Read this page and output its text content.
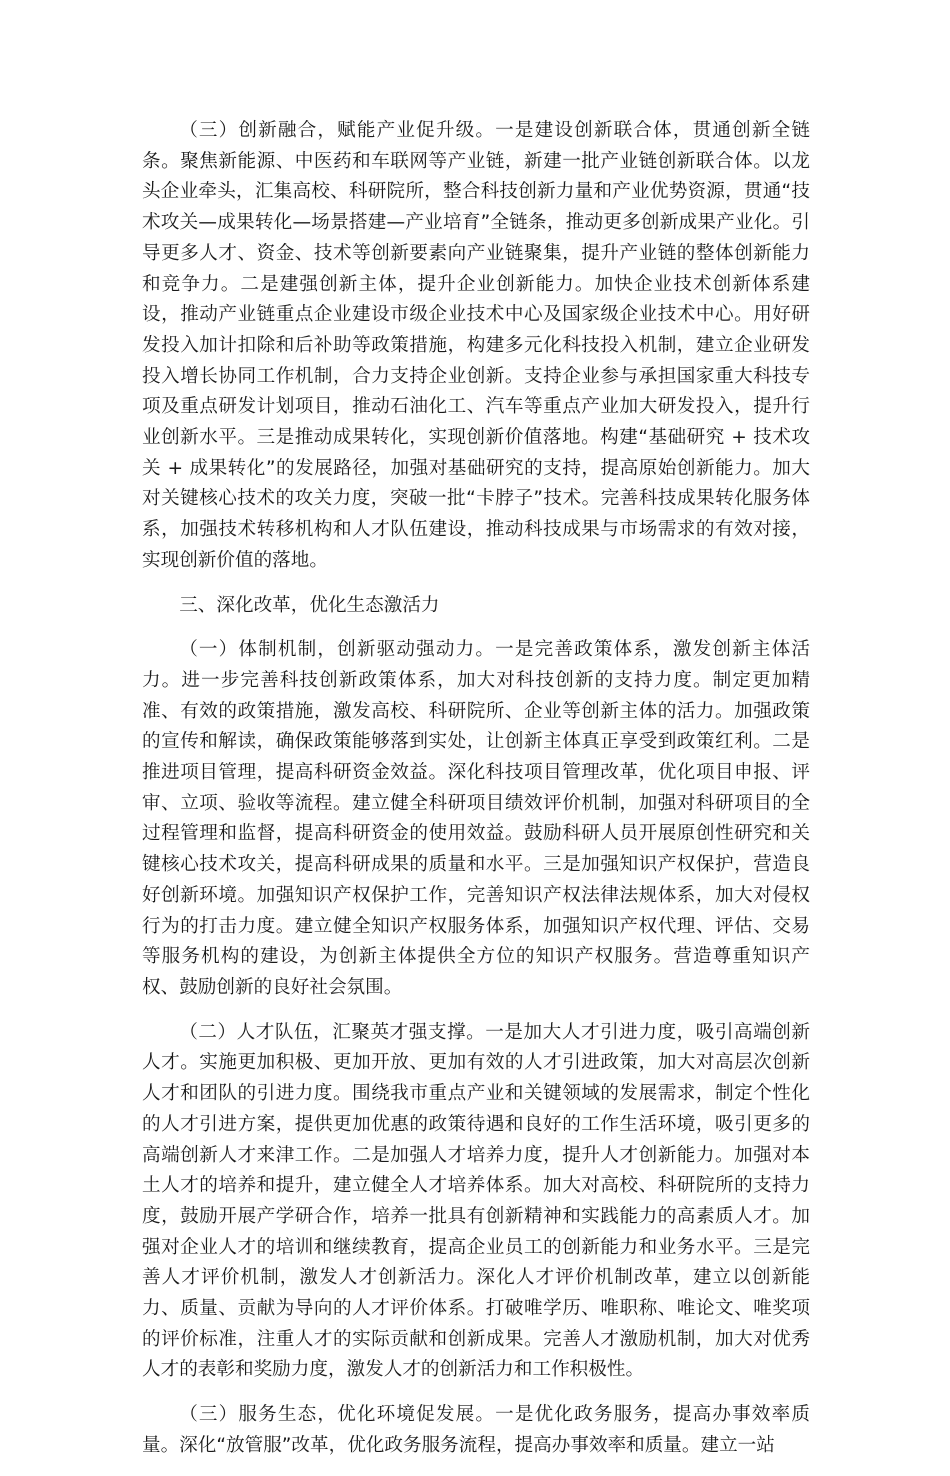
（三）创新融合，赋能产业促升级。一是建设创新联合体，贯通创新全链条。聚焦新能源、中医药和车联网等产业链，新建一批产业链创新联合体。以龙头企业牵头，汇集高校、科研院所，整合科技创新力量和产业优势资源，贯通“技术攻关—成果转化—场景搭建—产业培育”全链条，推动更多创新成果产业化。引导更多人才、资金、技术等创新要素向产业链聚集，提升产业链的整体创新能力和竞争力。二是建强创新主体，提升企业创新能力。加快企业技术创新体系建设，推动产业链重点企业建设市级企业技术中心及国家级企业技术中心。用好研发投入加计扣除和后补助等政策措施，构建多元化科技投入机制，建立企业研发投入增长协同工作机制，合力支持企业创新。支持企业参与承担国家重大科技专项及重点研发计划项目，推动石油化工、汽车等重点产业加大研发投入，提升行业创新水平。三是推动成果转化，实现创新价值落地。构建“基础研究 + 技术攻关 + 成果转化”的发展路径，加强对基础研究的支持，提高原始创新能力。加大对关键核心技术的攻关力度，突破一批“卡脖子”技术。完善科技成果转化服务体系，加强技术转移机构和人才队伍建设，推动科技成果与市场需求的有效对接，实现创新价值的落地。

三、深化改革，优化生态激活力

（一）体制机制，创新驱动强动力。一是完善政策体系，激发创新主体活力。进一步完善科技创新政策体系，加大对科技创新的支持力度。制定更加精准、有效的政策措施，激发高校、科研院所、企业等创新主体的活力。加强政策的宣传和解读，确保政策能够落到实处，让创新主体真正享受到政策红利。二是推进项目管理，提高科研资金效益。深化科技项目管理改革，优化项目申报、评审、立项、验收等流程。建立健全科研项目绩效评价机制，加强对科研项目的全过程管理和监督，提高科研资金的使用效益。鼓励科研人员开展原创性研究和关键核心技术攻关，提高科研成果的质量和水平。三是加强知识产权保护，营造良好创新环境。加强知识产权保护工作，完善知识产权法律法规体系，加大对侵权行为的打击力度。建立健全知识产权服务体系，加强知识产权代理、评估、交易等服务机构的建设，为创新主体提供全方位的知识产权服务。营造尊重知识产权、鼓励创新的良好社会氛围。

（二）人才队伍，汇聚英才强支撑。一是加大人才引进力度，吸引高端创新人才。实施更加积极、更加开放、更加有效的人才引进政策，加大对高层次创新人才和团队的引进力度。围绕我市重点产业和关键领域的发展需求，制定个性化的人才引进方案，提供更加优惠的政策待遇和良好的工作生活环境，吸引更多的高端创新人才来津工作。二是加强人才培养力度，提升人才创新能力。加强对本土人才的培养和提升，建立健全人才培养体系。加大对高校、科研院所的支持力度，鼓励开展产学研合作，培养一批具有创新精神和实践能力的高素质人才。加强对企业人才的培训和继续教育，提高企业员工的创新能力和业务水平。三是完善人才评价机制，激发人才创新活力。深化人才评价机制改革，建立以创新能力、质量、贡献为导向的人才评价体系。打破唯学历、唯职称、唯论文、唯奖项的评价标准，注重人才的实际贡献和创新成果。完善人才激励机制，加大对优秀人才的表彰和奖励力度，激发人才的创新活力和工作积极性。

（三）服务生态，优化环境促发展。一是优化政务服务，提高办事效率质量。深化“放管服”改革，优化政务服务流程，提高办事效率和质量。建立一站
